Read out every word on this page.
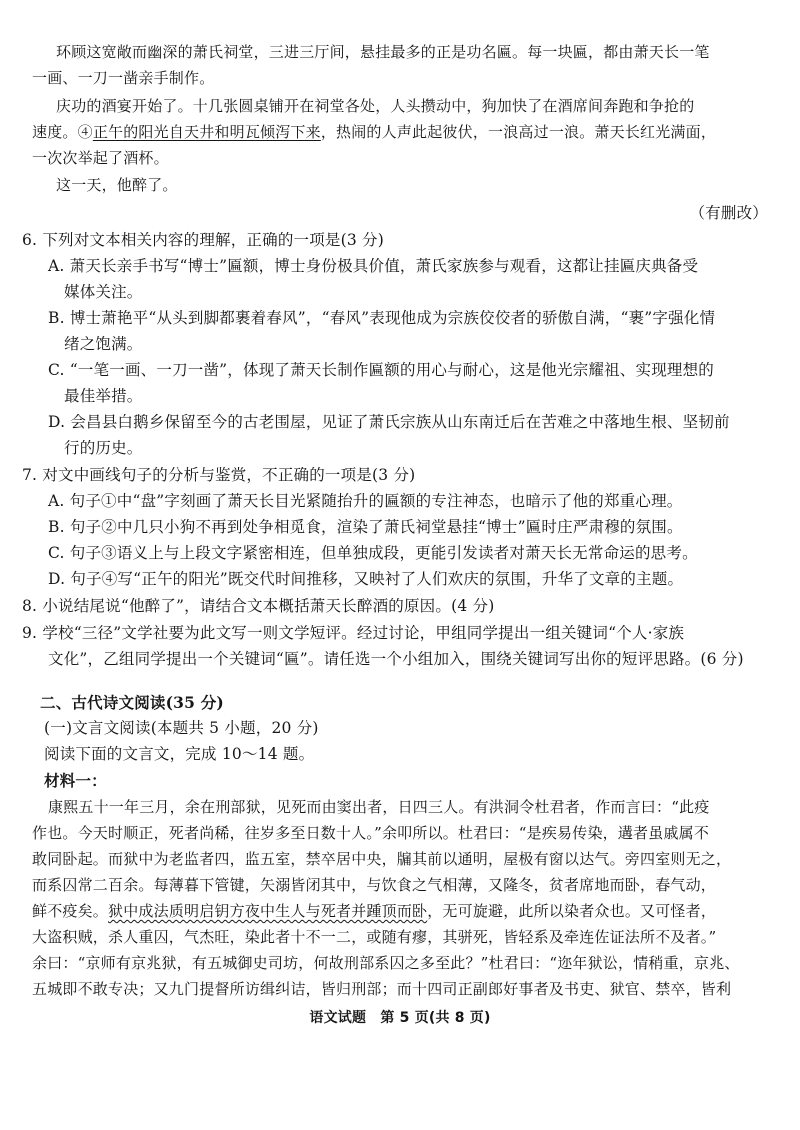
环顾这宽敞而幽深的萧氏祠堂，三进三厅间，悬挂最多的正是功名匾。每一块匾，都由萧天长一笔
一画、一刀一凿亲手制作。
庆功的酒宴开始了。十几张圆桌铺开在祠堂各处，人头攒动中，狗加快了在酒席间奔跑和争抢的
速度。④正午的阳光自天井和明瓦倾泻下来，热闹的人声此起彼伏，一浪高过一浪。萧天长红光满面，
一次次举起了酒杯。
这一天，他醉了。
（有删改）
6. 下列对文本相关内容的理解，正确的一项是(3 分)
A. 萧天长亲手书写“博士”匾额，博士身份极具价值，萧氏家族参与观看，这都让挂匾庆典备受
媒体关注。
B. 博士萧艳平“从头到脚都裹着春风”，“春风”表现他成为宗族佼佼者的骄傲自满，“裹”字强化情
绪之饱满。
C. “一笔一画、一刀一凿”，体现了萧天长制作匾额的用心与耐心，这是他光宗耀祖、实现理想的
最佳举措。
D. 会昌县白鹅乡保留至今的古老围屋，见证了萧氏宗族从山东南迁后在苦难之中落地生根、坚韧前
行的历史。
7. 对文中画线句子的分析与鉴赏，不正确的一项是(3 分)
A. 句子①中“盘”字刻画了萧天长目光紧随抬升的匾额的专注神态，也暗示了他的郑重心理。
B. 句子②中几只小狗不再到处争相觅食，渲染了萧氏祠堂悬挂“博士”匾时庄严肃穆的氛围。
C. 句子③语义上与上段文字紧密相连，但单独成段，更能引发读者对萧天长无常命运的思考。
D. 句子④写“正午的阳光”既交代时间推移，又映衬了人们欢庆的氛围，升华了文章的主题。
8. 小说结尾说“他醉了”，请结合文本概括萧天长醉酒的原因。(4 分)
9. 学校“三径”文学社要为此文写一则文学短评。经过讨论，甲组同学提出一组关键词“个人·家族
文化”，乙组同学提出一个关键词“匾”。请任选一个小组加入，围绕关键词写出你的短评思路。(6 分)
二、古代诗文阅读(35 分)
(一)文言文阅读(本题共 5 小题，20 分)
阅读下面的文言文，完成 10～14 题。
材料一：
康熙五十一年三月，余在刑部狱，见死而由窦出者，日四三人。有洪洞令杜君者，作而言曰：“此疫
作也。今天时顺正，死者尚稀，往岁多至日数十人。”余叩所以。杜君曰：“是疾易传染，遘者虽戚属不
敢同卧起。而狱中为老监者四，监五室，禁卒居中央，牖其前以通明，屋极有窗以达气。旁四室则无之，
而系囚常二百余。每薄暮下管键，矢溺皆闭其中，与饮食之气相薄，又隆冬，贫者席地而卧，春气动，
鲜不疫矣。狱中成法质明启钥方夜中生人与死者并踵顶而卧，无可旋避，此所以染者众也。又可怪者，
大盗积贼，杀人重囚，气杰旺，染此者十不一二，或随有瘳，其骈死，皆轻系及牵连佐证法所不及者。”
余曰：“京师有京兆狱，有五城御史司坊，何故刑部系囚之多至此？”杜君曰：“迩年狱讼，情稍重，京兆、
五城即不敢专决；又九门提督所访缉纠诘，皆归刑部；而十四司正副郎好事者及书吏、狱官、禁卒，皆利
语文试题　第 5 页(共 8 页)
